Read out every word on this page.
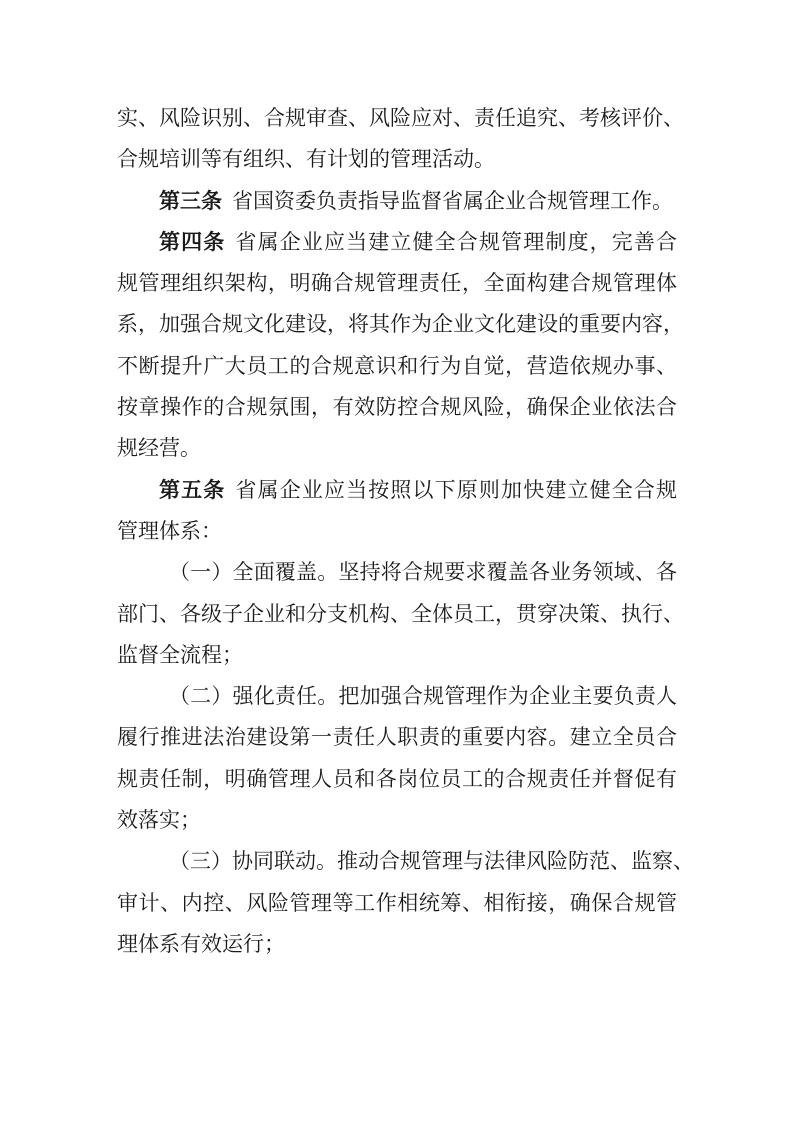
实、风险识别、合规审查、风险应对、责任追究、考核评价、
合规培训等有组织、有计划的管理活动。
第三条 省国资委负责指导监督省属企业合规管理工作。
第四条 省属企业应当建立健全合规管理制度，完善合
规管理组织架构，明确合规管理责任，全面构建合规管理体
系，加强合规文化建设，将其作为企业文化建设的重要内容，
不断提升广大员工的合规意识和行为自觉，营造依规办事、
按章操作的合规氛围，有效防控合规风险，确保企业依法合
规经营。
第五条 省属企业应当按照以下原则加快建立健全合规
管理体系：
（一）全面覆盖。坚持将合规要求覆盖各业务领域、各
部门、各级子企业和分支机构、全体员工，贯穿决策、执行、
监督全流程；
（二）强化责任。把加强合规管理作为企业主要负责人
履行推进法治建设第一责任人职责的重要内容。建立全员合
规责任制，明确管理人员和各岗位员工的合规责任并督促有
效落实；
（三）协同联动。推动合规管理与法律风险防范、监察、
审计、内控、风险管理等工作相统筹、相衔接，确保合规管
理体系有效运行；
